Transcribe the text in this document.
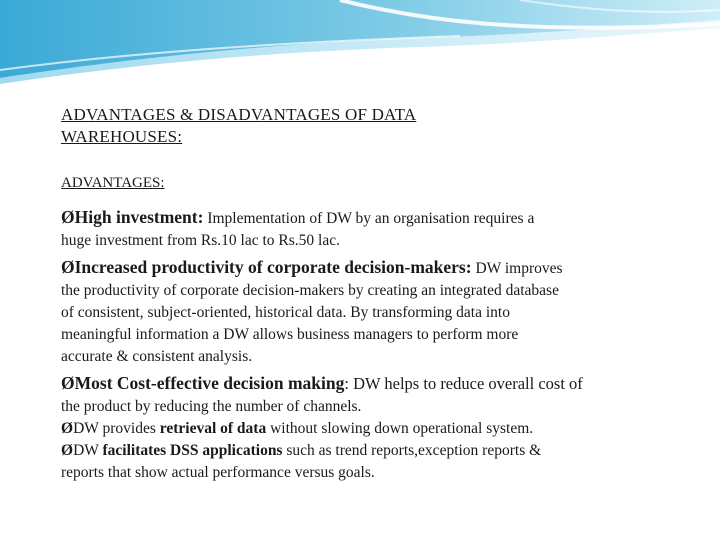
ADVANTAGES & DISADVANTAGES OF DATA
WAREHOUSES:

ADVANTAGES:

ØHigh investment: Implementation of DW by an organisation requires a
huge investment from Rs.10 lac to Rs.50 lac.

ØIncreased productivity of corporate decision-makers: DW improves
the productivity of corporate decision-makers by creating an integrated database
of consistent, subject-oriented, historical data. By transforming data into
meaningful information a DW allows business managers to perform more
accurate & consistent analysis.

ØMost Cost-effective decision making: DW helps to reduce overall cost of
the product by reducing the number of channels.

ØDW provides retrieval of data without slowing down operational system.

ØDW facilitates DSS applications such as trend reports,exception reports &
reports that show actual performance versus goals.
